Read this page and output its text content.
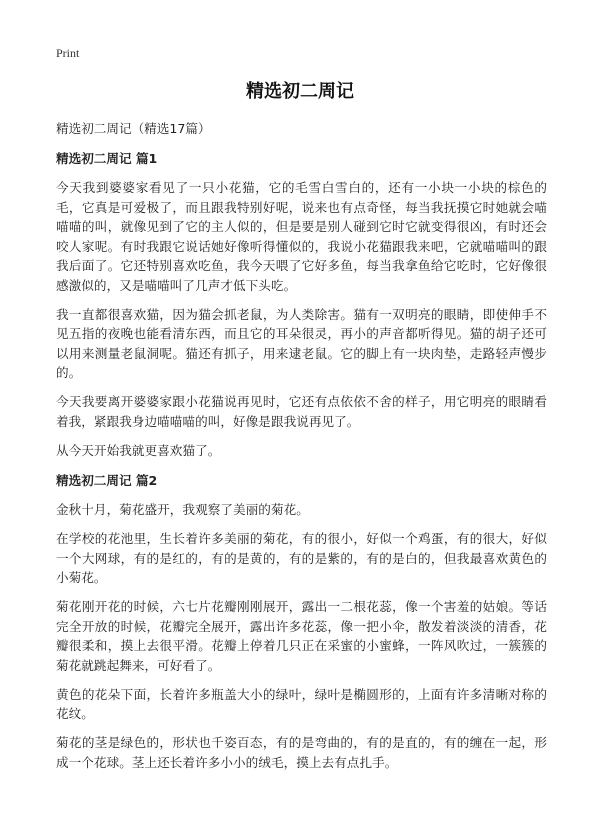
Print
精选初二周记
精选初二周记（精选17篇）
精选初二周记 篇1

今天我到婆婆家看见了一只小花猫，它的毛雪白雪白的，还有一小块一小块的棕色的毛，它真是可爱极了，而且跟我特别好呢，说来也有点奇怪，每当我抚摸它时她就会喵喵喵的叫，就像见到了它的主人似的，但是要是别人碰到它时它就变得很凶，有时还会咬人家呢。有时我跟它说话她好像听得懂似的，我说小花猫跟我来吧，它就喵喵叫的跟我后面了。它还特别喜欢吃鱼，我今天喂了它好多鱼，每当我拿鱼给它吃时，它好像很感激似的，又是喵喵叫了几声才低下头吃。

我一直都很喜欢猫，因为猫会抓老鼠，为人类除害。猫有一双明亮的眼睛，即使伸手不见五指的夜晚也能看清东西，而且它的耳朵很灵，再小的声音都听得见。猫的胡子还可以用来测量老鼠洞呢。猫还有抓子，用来逮老鼠。它的脚上有一块肉垫，走路轻声慢步的。

今天我要离开婆婆家跟小花猫说再见时，它还有点依依不舍的样子，用它明亮的眼睛看着我，紧跟我身边喵喵喵的叫，好像是跟我说再见了。

从今天开始我就更喜欢猫了。

精选初二周记 篇2

金秋十月，菊花盛开，我观察了美丽的菊花。

在学校的花池里，生长着许多美丽的菊花，有的很小，好似一个鸡蛋，有的很大，好似一个大网球，有的是红的，有的是黄的，有的是紫的，有的是白的，但我最喜欢黄色的小菊花。

菊花刚开花的时候，六七片花瓣刚刚展开，露出一二根花蕊，像一个害羞的姑娘。等话完全开放的时候，花瓣完全展开，露出许多花蕊，像一把小伞，散发着淡淡的清香，花瓣很柔和，摸上去很平滑。花瓣上停着几只正在采蜜的小蜜蜂，一阵风吹过，一簇簇的菊花就跳起舞来，可好看了。

黄色的花朵下面，长着许多瓶盖大小的绿叶，绿叶是椭圆形的，上面有许多清晰对称的花纹。

菊花的茎是绿色的，形状也千姿百态，有的是弯曲的，有的是直的，有的缠在一起，形成一个花球。茎上还长着许多小小的绒毛，摸上去有点扎手。
